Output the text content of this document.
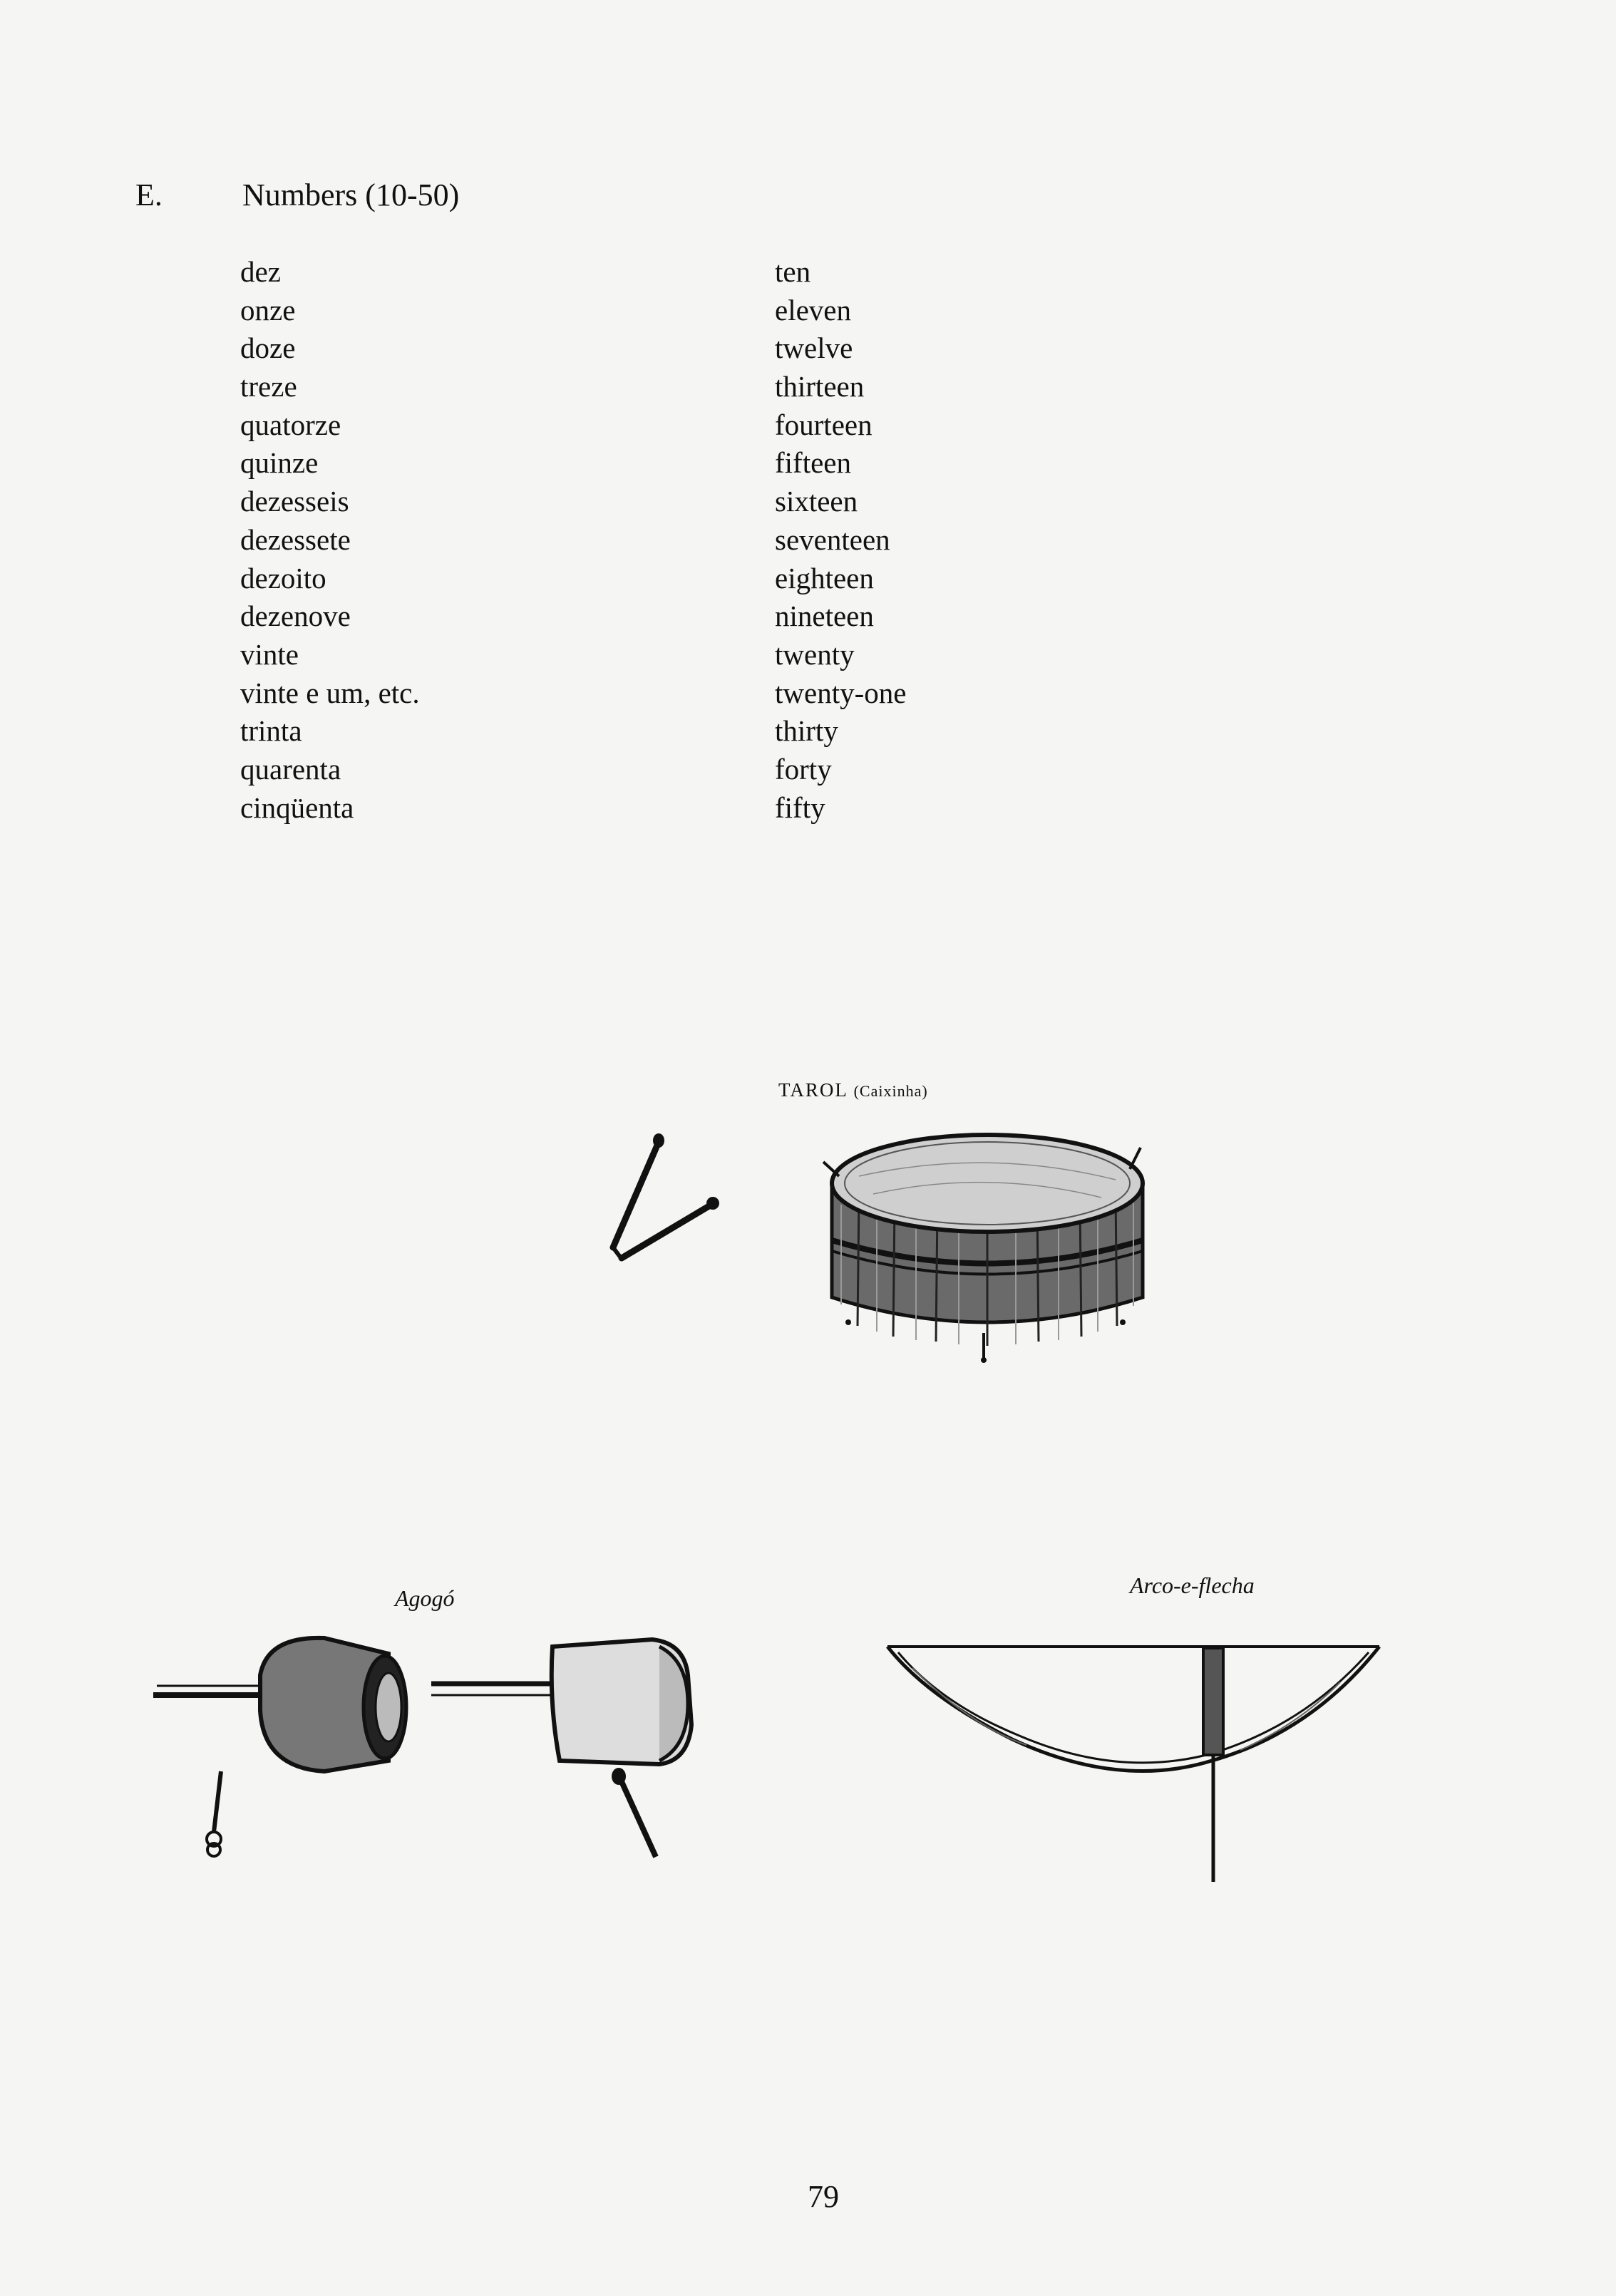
E.	Numbers (10-50)
dez	ten
onze	eleven
doze	twelve
treze	thirteen
quatorze	fourteen
quinze	fifteen
dezesseis	sixteen
dezessete	seventeen
dezoito	eighteen
dezenove	nineteen
vinte	twenty
vinte e um, etc.	twenty-one
trinta	thirty
quarenta	forty
cinqüenta	fifty
TAROL (Caixinha)
Agogó	Arco-e-flecha
79
